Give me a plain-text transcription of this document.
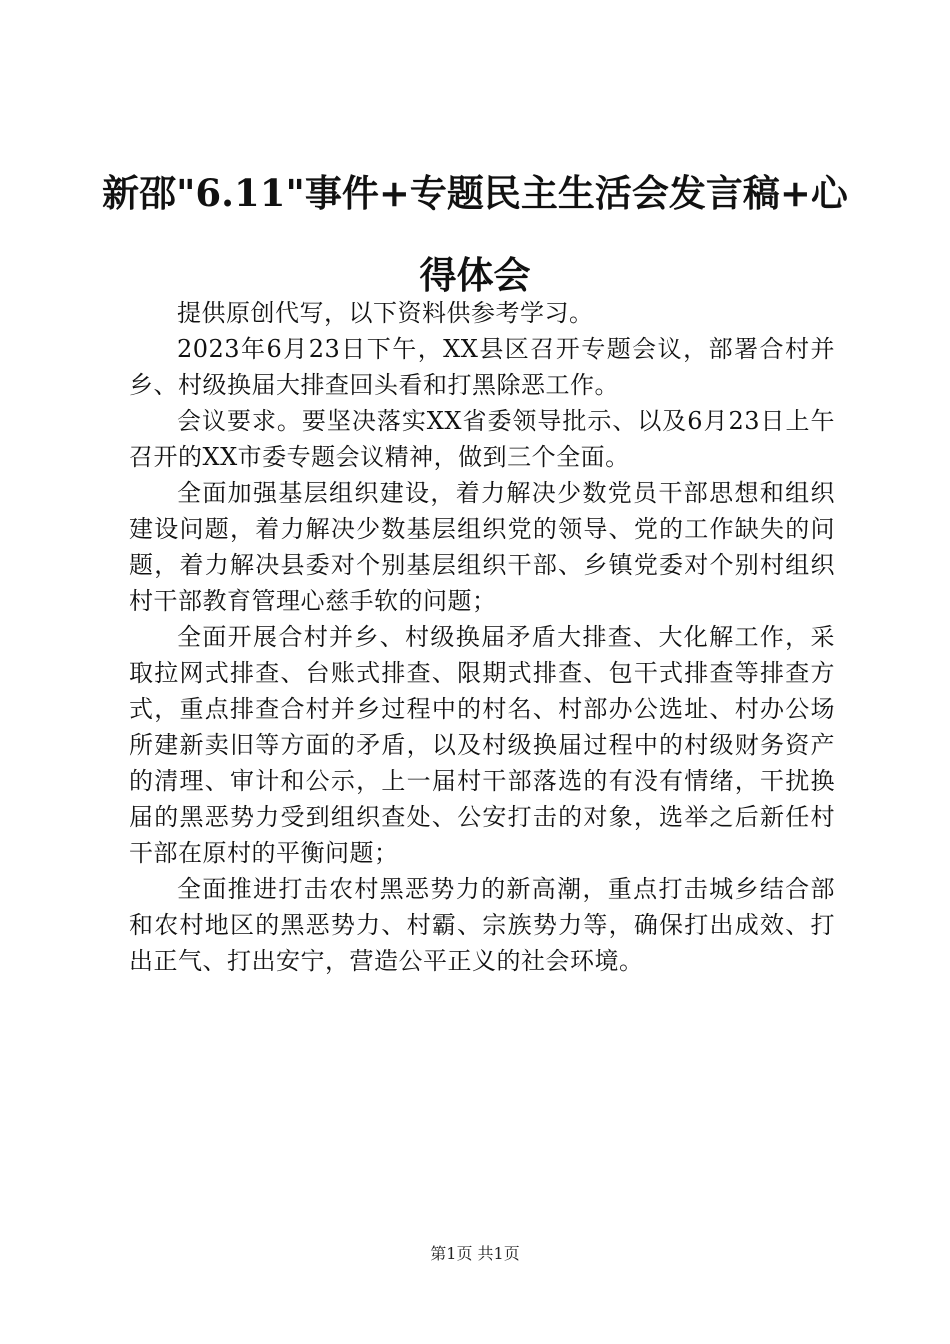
新邵"6.11"事件+专题民主生活会发言稿+心得体会

提供原创代写，以下资料供参考学习。

2023年6月23日下午，XX县区召开专题会议，部署合村并乡、村级换届大排查回头看和打黑除恶工作。

会议要求。要坚决落实XX省委领导批示、以及6月23日上午召开的XX市委专题会议精神，做到三个全面。

全面加强基层组织建设，着力解决少数党员干部思想和组织建设问题，着力解决少数基层组织党的领导、党的工作缺失的问题，着力解决县委对个别基层组织干部、乡镇党委对个别村组织村干部教育管理心慈手软的问题；

全面开展合村并乡、村级换届矛盾大排查、大化解工作，采取拉网式排查、台账式排查、限期式排查、包干式排查等排查方式，重点排查合村并乡过程中的村名、村部办公选址、村办公场所建新卖旧等方面的矛盾，以及村级换届过程中的村级财务资产的清理、审计和公示，上一届村干部落选的有没有情绪，干扰换届的黑恶势力受到组织查处、公安打击的对象，选举之后新任村干部在原村的平衡问题；

全面推进打击农村黑恶势力的新高潮，重点打击城乡结合部和农村地区的黑恶势力、村霸、宗族势力等，确保打出成效、打出正气、打出安宁，营造公平正义的社会环境。

第1页 共1页
